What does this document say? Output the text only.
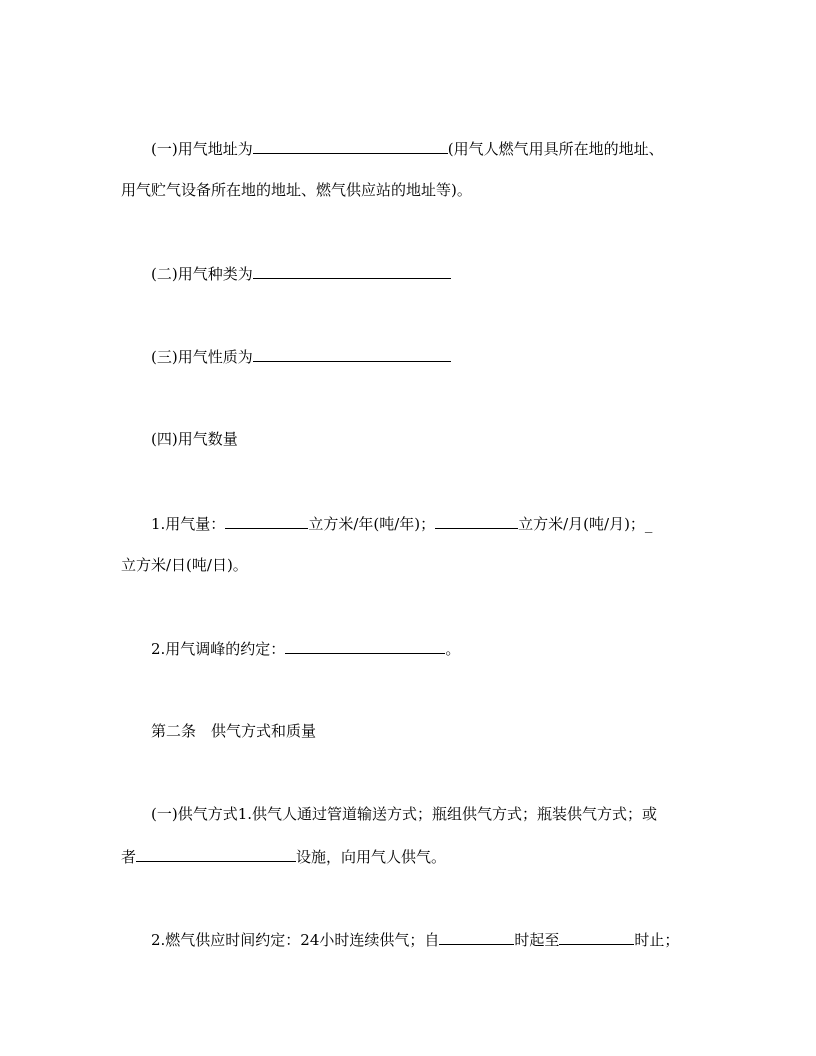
(一)用气地址为	(用气人燃气用具所在地的地址、
用气贮气设备所在地的地址、燃气供应站的地址等)。
(二)用气种类为
(三)用气性质为
(四)用气数量
1.用气量：	立方米/年(吨/年)；	立方米/月(吨/月)；_
立方米/日(吨/日)。
2.用气调峰的约定：	。
第二条　供气方式和质量
(一)供气方式1.供气人通过管道输送方式；瓶组供气方式；瓶装供气方式；或
者	设施，向用气人供气。
2.燃气供应时间约定：24小时连续供气；自	时起至	时止；
